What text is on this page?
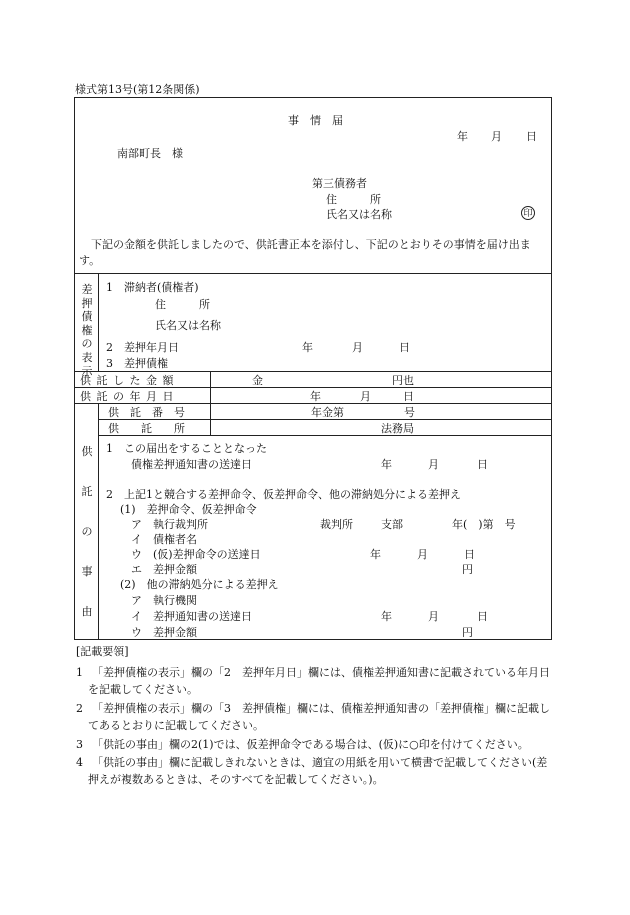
様式第13号(第12条関係)
事　情　届
年 月 日
南部町長　様
第三債務者
住　　　所
氏名又は名称	印
下記の金額を供託しましたので、供託書正本を添付し、下記のとおりその事情を届け出ます。
差
押
債
権
の
表
示
1　滞納者(債権者)
住　　　所
氏名又は名称
2　差押年月日	年	月	日
3　差押債権
供 託 し た 金 額	金	円也
供 託 の 年 月 日	年	月	日
供
託
の
事
由
供　託　番　号	年金第	号
供　　託　　所	法務局
1　この届出をすることとなった
債権差押通知書の送達日	年	月	日
2　上記1と競合する差押命令、仮差押命令、他の滞納処分による差押え
(1)　差押命令、仮差押命令
ア　執行裁判所	裁判所	支部	年(　)第　号
イ　債権者名
ウ　(仮)差押命令の送達日	年	月	日
エ　差押金額	円
(2)　他の滞納処分による差押え
ア　執行機関
イ　差押通知書の送達日	年	月	日
ウ　差押金額	円
[記載要領]
1 「差押債権の表示」欄の「2　差押年月日」欄には、債権差押通知書に記載されている年月日を記載してください。
2 「差押債権の表示」欄の「3　差押債権」欄には、債権差押通知書の「差押債権」欄に記載してあるとおりに記載してください。
3 「供託の事由」欄の2(1)では、仮差押命令である場合は、(仮)に○印を付けてください。
4 「供託の事由」欄に記載しきれないときは、適宜の用紙を用いて横書で記載してください(差押えが複数あるときは、そのすべてを記載してください。)。
